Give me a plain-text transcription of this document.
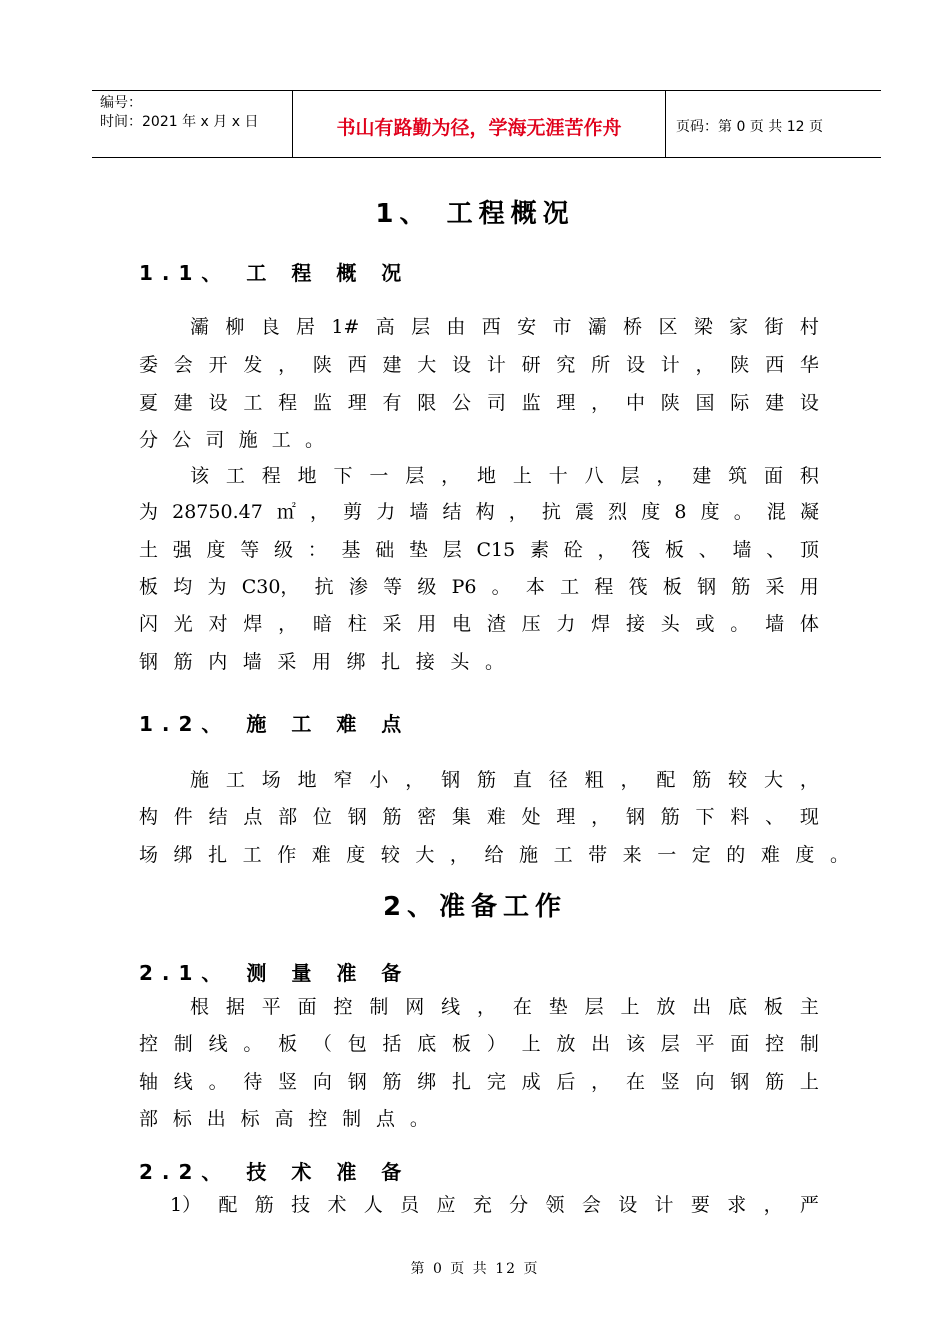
编号：
时间：2021 年 x 月 x 日	书山有路勤为径，学海无涯苦作舟	页码：第 0 页 共 12 页
1、 工程概况
1.1、 工 程 概 况
灞 柳 良 居 1# 高 层 由 西 安 市 灞 桥 区 梁 家 街 村
委 会 开 发 ， 陕 西 建 大 设 计 研 究 所 设 计 ， 陕 西 华
夏 建 设 工 程 监 理 有 限 公 司 监 理 ， 中 陕 国 际 建 设
分 公 司 施 工 。
该 工 程 地 下 一 层 ， 地 上 十 八 层 ， 建 筑 面 积
为 28750.47 ㎡ ， 剪 力 墙 结 构 ， 抗 震 烈 度 8 度 。 混 凝
土 强 度 等 级 ： 基 础 垫 层 C15 素 砼 ， 筏 板 、 墙 、 顶
板 均 为 C30， 抗 渗 等 级 P6 。 本 工 程 筏 板 钢 筋 采 用
闪 光 对 焊 ， 暗 柱 采 用 电 渣 压 力 焊 接 头 或 。 墙 体
钢 筋 内 墙 采 用 绑 扎 接 头 。
1.2、 施 工 难 点
施 工 场 地 窄 小 ， 钢 筋 直 径 粗 ， 配 筋 较 大 ，
构 件 结 点 部 位 钢 筋 密 集 难 处 理 ， 钢 筋 下 料 、 现
场 绑 扎 工 作 难 度 较 大 ， 给 施 工 带 来 一 定 的 难 度 。
2、准备工作
2.1、 测 量 准 备
根 据 平 面 控 制 网 线 ， 在 垫 层 上 放 出 底 板 主
控 制 线 。 板 （ 包 括 底 板 ） 上 放 出 该 层 平 面 控 制
轴 线 。 待 竖 向 钢 筋 绑 扎 完 成 后 ， 在 竖 向 钢 筋 上
部 标 出 标 高 控 制 点 。
2.2、 技 术 准 备
1） 配 筋 技 术 人 员 应 充 分 领 会 设 计 要 求 ， 严
第 0 页 共 12 页
